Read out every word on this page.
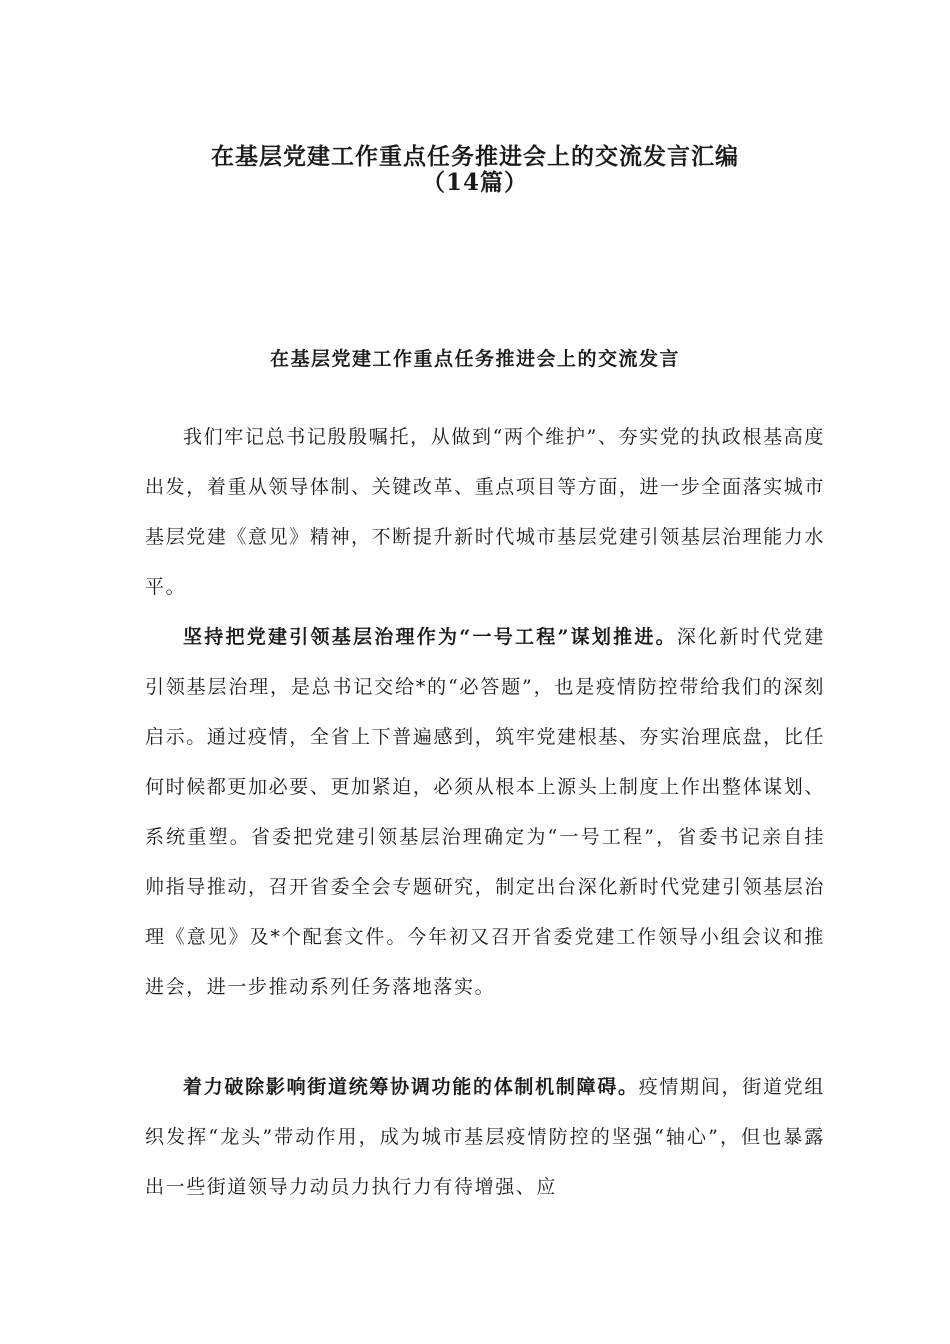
在基层党建工作重点任务推进会上的交流发言汇编
（14篇）
在基层党建工作重点任务推进会上的交流发言

我们牢记总书记殷殷嘱托，从做到“两个维护”、夯实党的执政根基高度出发，着重从领导体制、关键改革、重点项目等方面，进一步全面落实城市基层党建《意见》精神，不断提升新时代城市基层党建引领基层治理能力水平。

坚持把党建引领基层治理作为“一号工程”谋划推进。深化新时代党建引领基层治理，是总书记交给*的“必答题”，也是疫情防控带给我们的深刻启示。通过疫情，全省上下普遍感到，筑牢党建根基、夯实治理底盘，比任何时候都更加必要、更加紧迫，必须从根本上源头上制度上作出整体谋划、系统重塑。省委把党建引领基层治理确定为“一号工程”，省委书记亲自挂帅指导推动，召开省委全会专题研究，制定出台深化新时代党建引领基层治理《意见》及*个配套文件。今年初又召开省委党建工作领导小组会议和推进会，进一步推动系列任务落地落实。

着力破除影响街道统筹协调功能的体制机制障碍。疫情期间，街道党组织发挥“龙头”带动作用，成为城市基层疫情防控的坚强“轴心”，但也暴露出一些街道领导力动员力执行力有待增强、应
